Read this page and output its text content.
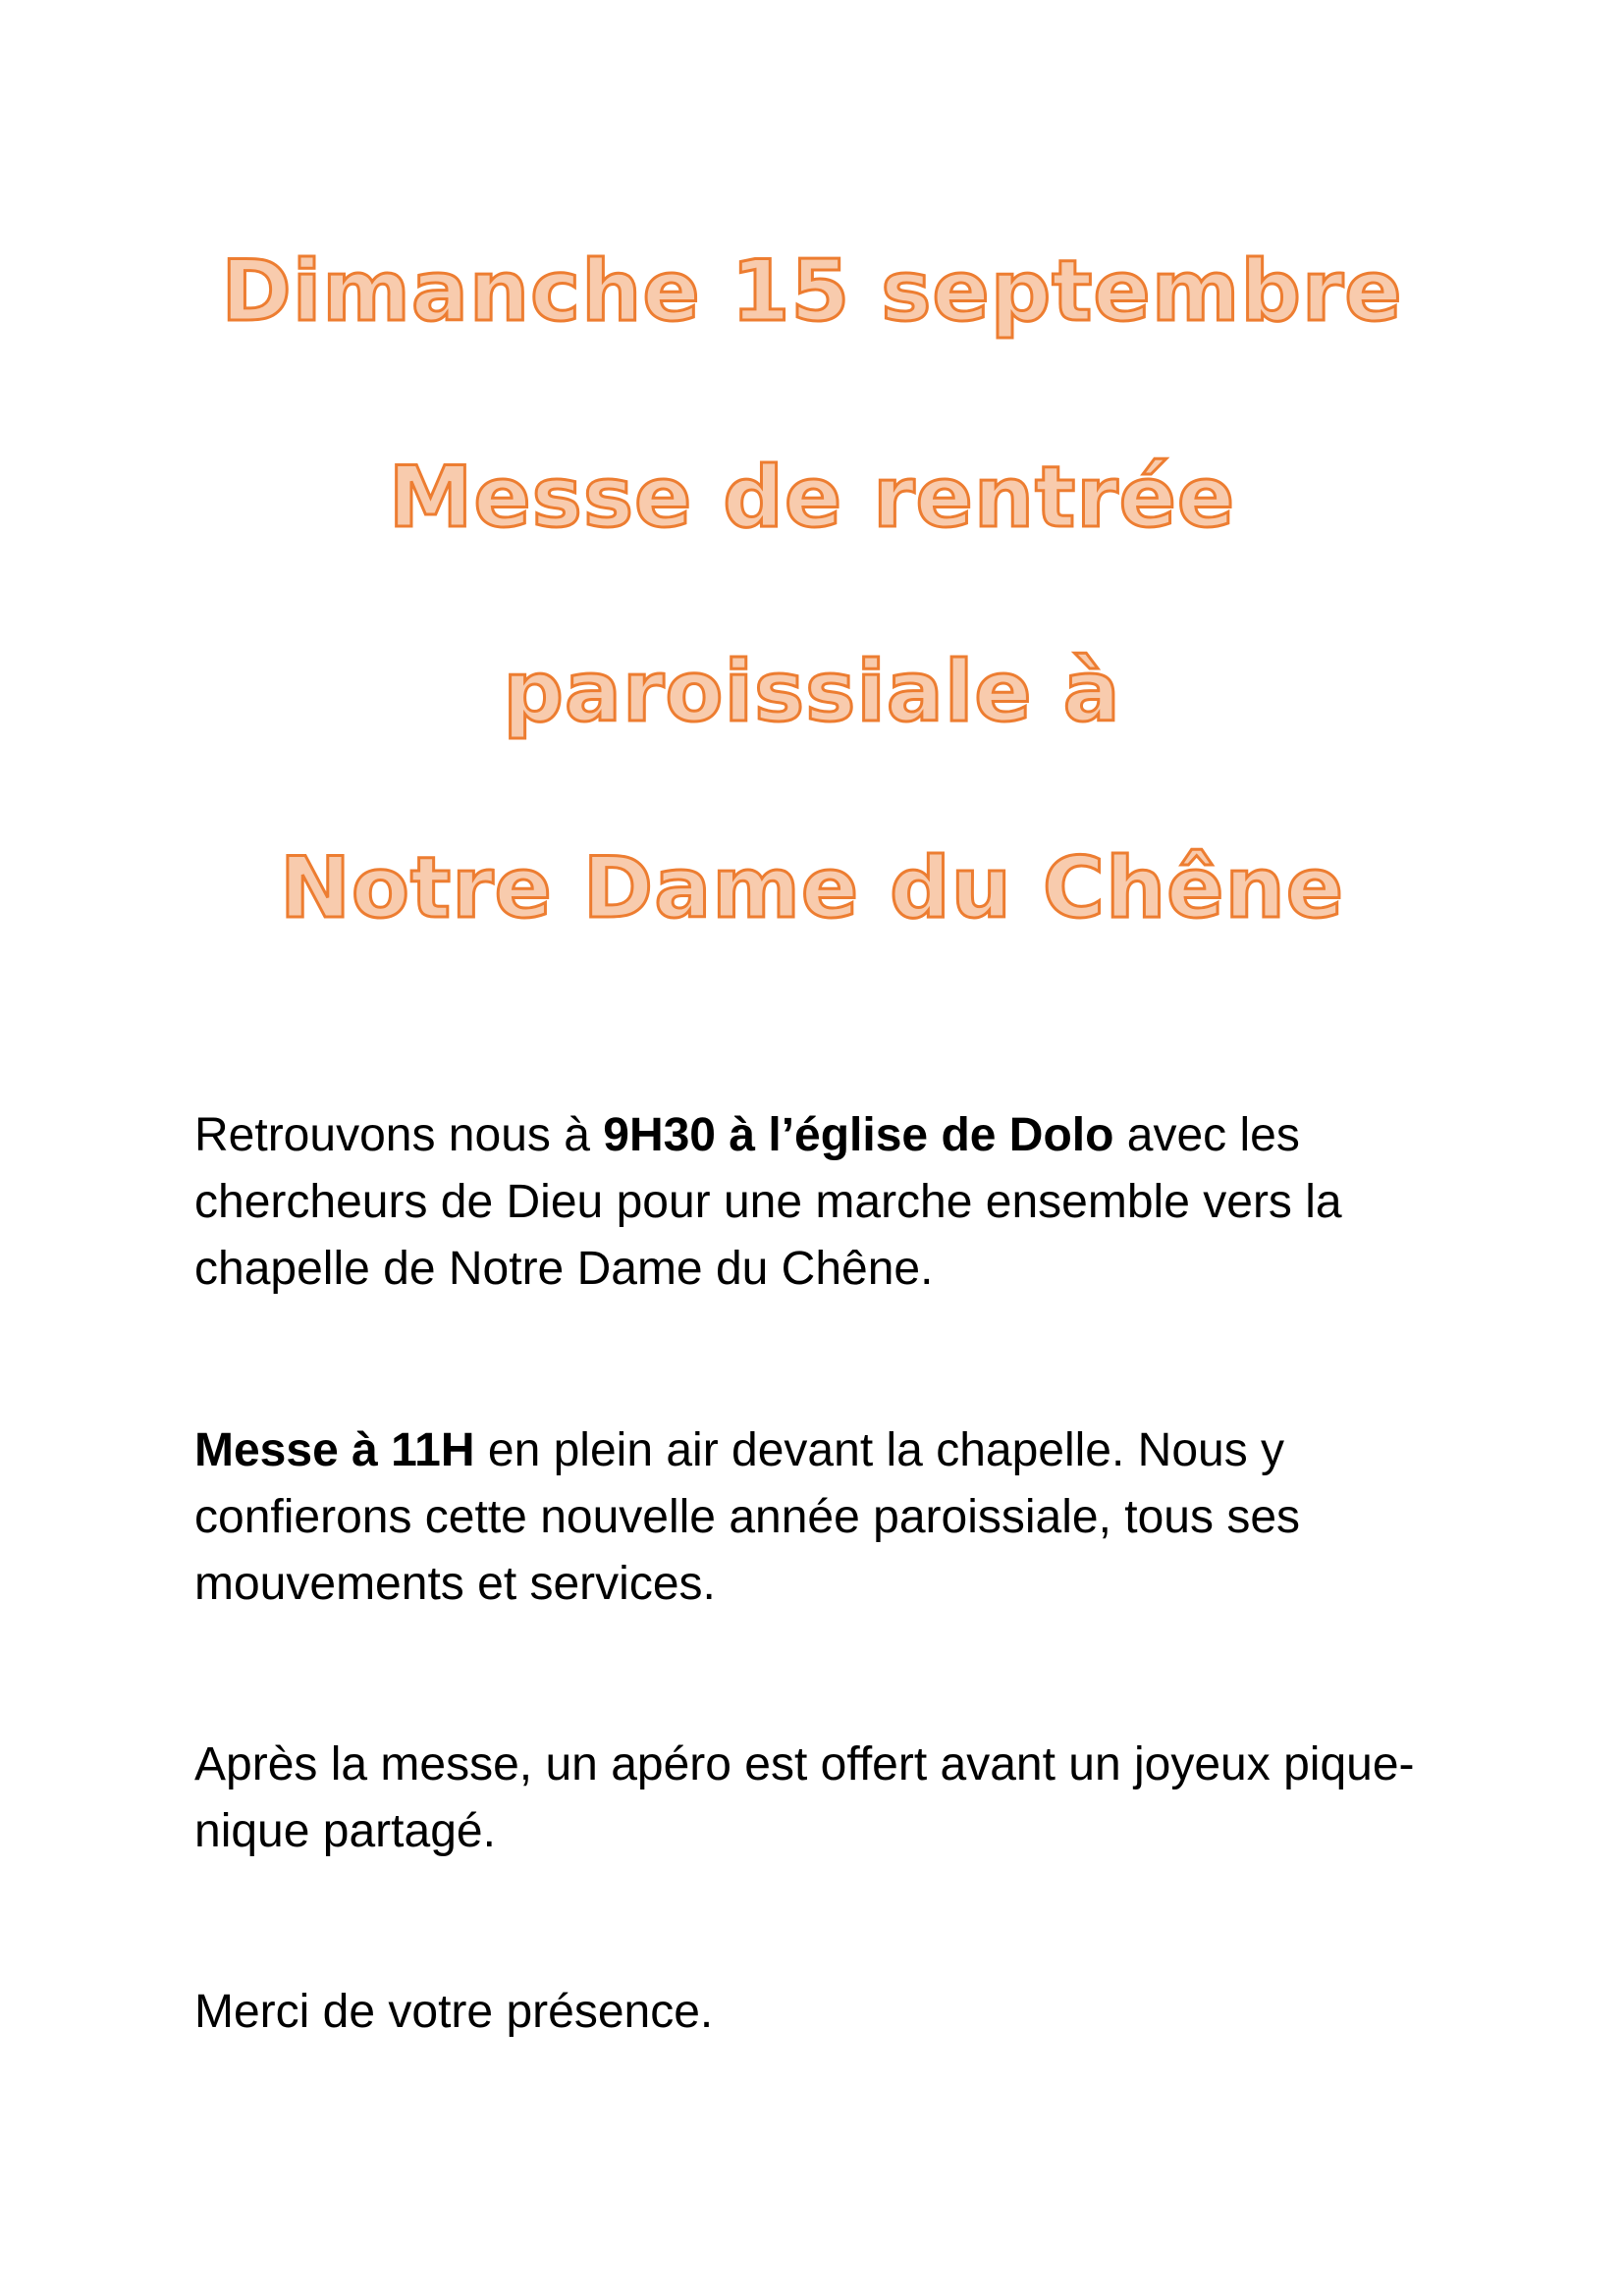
Dimanche 15 septembre
Messe de rentrée
paroissiale à
Notre Dame du Chêne

Retrouvons nous à 9H30 à l’église de Dolo avec les chercheurs de Dieu pour une marche ensemble vers la chapelle de Notre Dame du Chêne.

Messe à 11H en plein air devant la chapelle. Nous y confierons cette nouvelle année paroissiale, tous ses mouvements et services.

Après la messe, un apéro est offert avant un joyeux pique-nique partagé.

Merci de votre présence.
